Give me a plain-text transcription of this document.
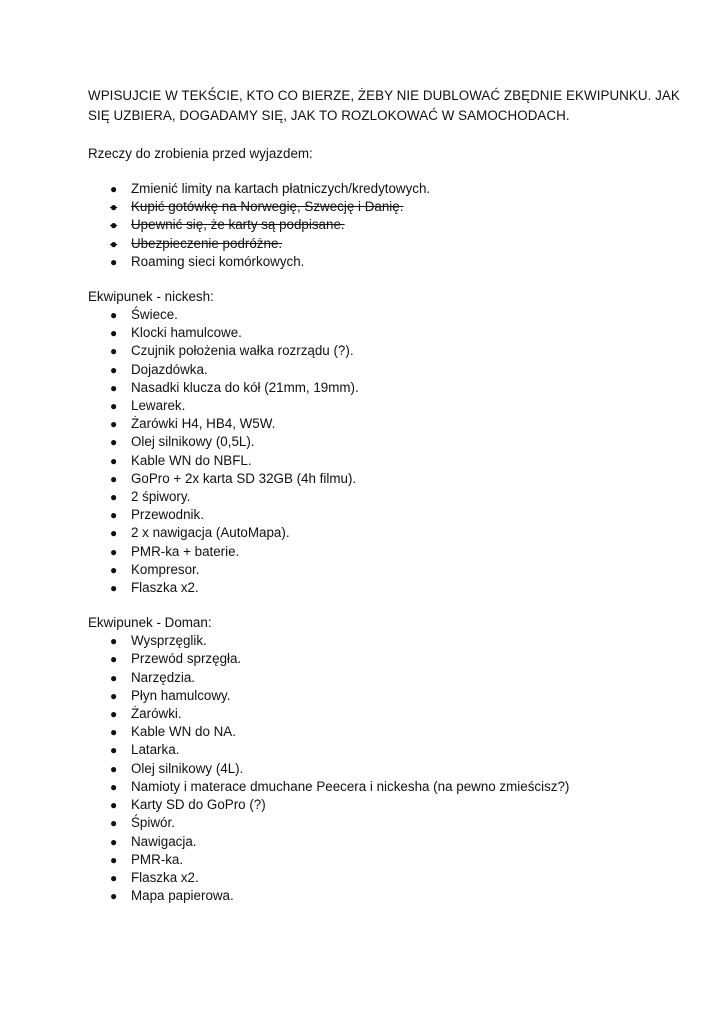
WPISUJCIE W TEKŚCIE, KTO CO BIERZE, ŻEBY NIE DUBLOWAĆ ZBĘDNIE EKWIPUNKU. JAK SIĘ UZBIERA, DOGADAMY SIĘ, JAK TO ROZLOKOWAĆ W SAMOCHODACH.

Rzeczy do zrobienia przed wyjazdem:

● Zmienić limity na kartach płatniczych/kredytowych.
● Kupić gotówkę na Norwegię, Szwecję i Danię.
● Upewnić się, że karty są podpisane.
● Ubezpieczenie podróżne.
● Roaming sieci komórkowych.

Ekwipunek - nickesh:

● Świece.
● Klocki hamulcowe.
● Czujnik położenia wałka rozrządu (?).
● Dojazdówka.
● Nasadki klucza do kół (21mm, 19mm).
● Lewarek.
● Żarówki H4, HB4, W5W.
● Olej silnikowy (0,5L).
● Kable WN do NBFL.
● GoPro + 2x karta SD 32GB (4h filmu).
● 2 śpiwory.
● Przewodnik.
● 2 x nawigacja (AutoMapa).
● PMR-ka + baterie.
● Kompresor.
● Flaszka x2.

Ekwipunek - Doman:

● Wysprzęglik.
● Przewód sprzęgła.
● Narzędzia.
● Płyn hamulcowy.
● Żarówki.
● Kable WN do NA.
● Latarka.
● Olej silnikowy (4L).
● Namioty i materace dmuchane Peecera i nickesha (na pewno zmieścisz?)
● Karty SD do GoPro (?)
● Śpiwór.
● Nawigacja.
● PMR-ka.
● Flaszka x2.
● Mapa papierowa.
